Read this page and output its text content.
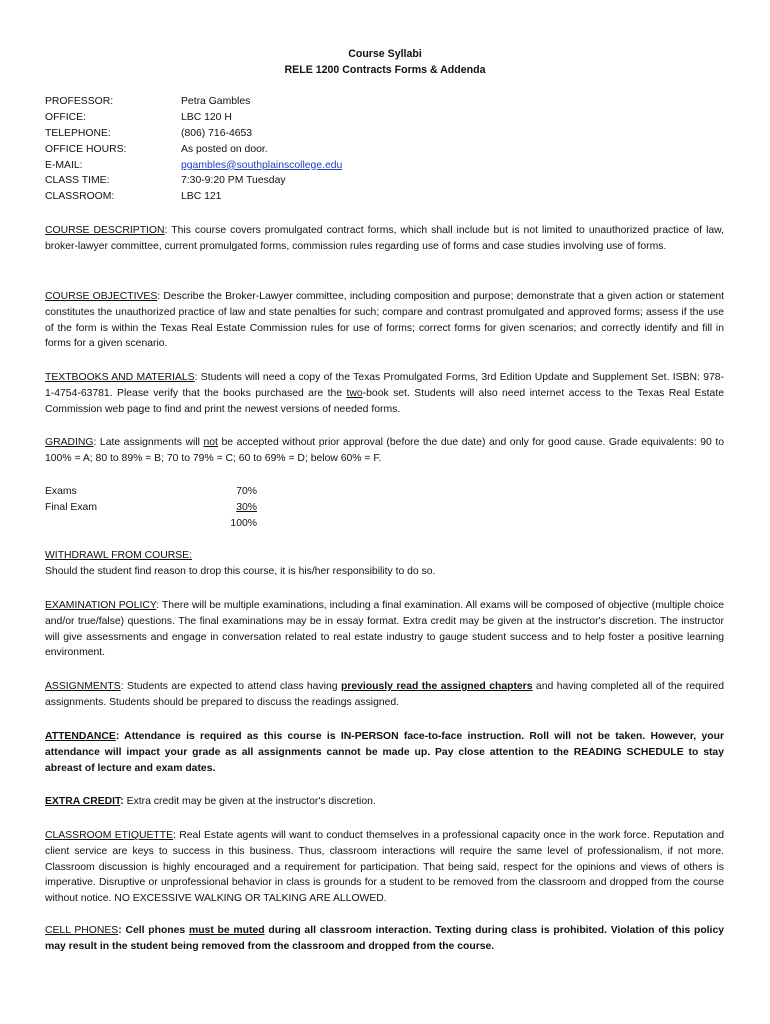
Course Syllabi
RELE 1200 Contracts Forms & Addenda
PROFESSOR:	Petra Gambles
OFFICE:	LBC 120 H
TELEPHONE:	(806) 716-4653
OFFICE HOURS:	As posted on door.
E-MAIL:	pgambles@southplainscollege.edu
CLASS TIME:	7:30-9:20 PM Tuesday
CLASSROOM:	LBC 121
COURSE DESCRIPTION: This course covers promulgated contract forms, which shall include but is not limited to unauthorized practice of law, broker-lawyer committee, current promulgated forms, commission rules regarding use of forms and case studies involving use of forms.
COURSE OBJECTIVES: Describe the Broker-Lawyer committee, including composition and purpose; demonstrate that a given action or statement constitutes the unauthorized practice of law and state penalties for such; compare and contrast promulgated and approved forms; assess if the use of the form is within the Texas Real Estate Commission rules for use of forms; correct forms for given scenarios; and correctly identify and fill in forms for a given scenario.
TEXTBOOKS AND MATERIALS: Students will need a copy of the Texas Promulgated Forms, 3rd Edition Update and Supplement Set. ISBN: 978-1-4754-63781. Please verify that the books purchased are the two-book set. Students will also need internet access to the Texas Real Estate Commission web page to find and print the newest versions of needed forms.
GRADING: Late assignments will not be accepted without prior approval (before the due date) and only for good cause. Grade equivalents: 90 to 100% = A; 80 to 89% = B; 70 to 79% = C; 60 to 69% = D; below 60% = F.
Exams	70%
Final Exam	30%
100%
WITHDRAWL FROM COURSE:
Should the student find reason to drop this course, it is his/her responsibility to do so.
EXAMINATION POLICY: There will be multiple examinations, including a final examination. All exams will be composed of objective (multiple choice and/or true/false) questions. The final examinations may be in essay format. Extra credit may be given at the instructor's discretion. The instructor will give assessments and engage in conversation related to real estate industry to gauge student success and to help foster a positive learning environment.
ASSIGNMENTS: Students are expected to attend class having previously read the assigned chapters and having completed all of the required assignments. Students should be prepared to discuss the readings assigned.
ATTENDANCE: Attendance is required as this course is IN-PERSON face-to-face instruction. Roll will not be taken. However, your attendance will impact your grade as all assignments cannot be made up. Pay close attention to the READING SCHEDULE to stay abreast of lecture and exam dates.
EXTRA CREDIT: Extra credit may be given at the instructor's discretion.
CLASSROOM ETIQUETTE: Real Estate agents will want to conduct themselves in a professional capacity once in the work force. Reputation and client service are keys to success in this business. Thus, classroom interactions will require the same level of professionalism, if not more. Classroom discussion is highly encouraged and a requirement for participation. That being said, respect for the opinions and views of others is imperative. Disruptive or unprofessional behavior in class is grounds for a student to be removed from the classroom and dropped from the course without notice. NO EXCESSIVE WALKING OR TALKING ARE ALLOWED.
CELL PHONES: Cell phones must be muted during all classroom interaction. Texting during class is prohibited. Violation of this policy may result in the student being removed from the classroom and dropped from the course.
